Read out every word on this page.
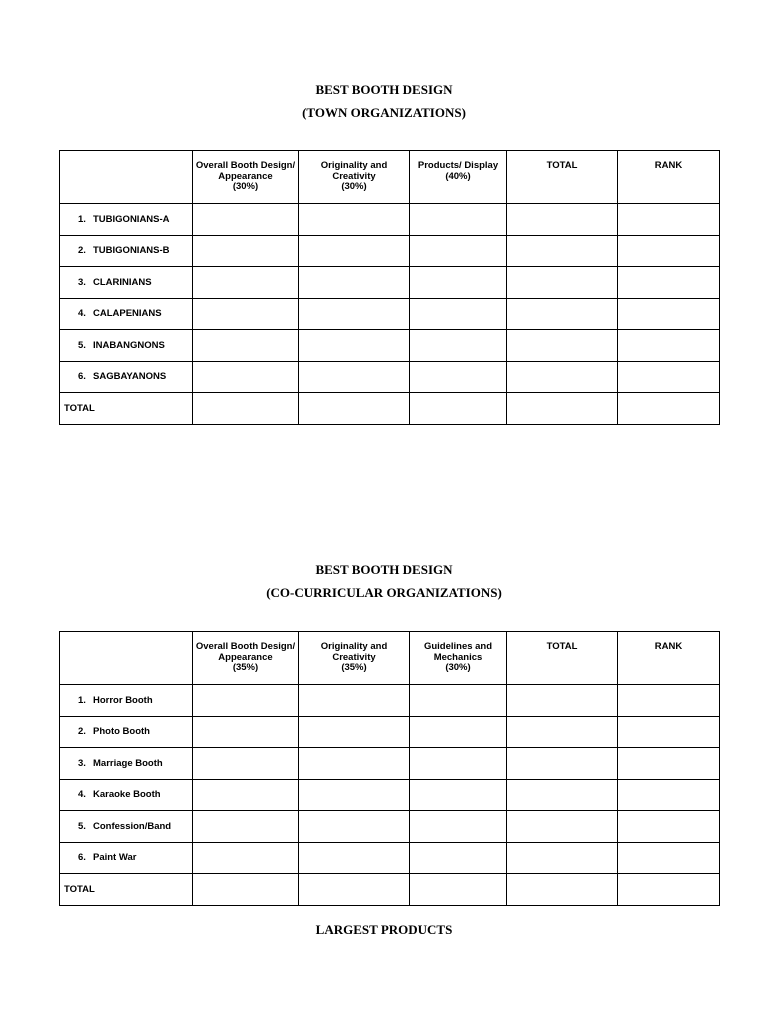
BEST BOOTH DESIGN
(TOWN ORGANIZATIONS)

	Overall Booth Design/
Appearance
(30%)	Originality and
Creativity
(30%)	Products/ Display
(40%)	TOTAL	RANK

1. TUBIGONIANS-A					
2. TUBIGONIANS-B					
3. CLARINIANS					
4. CALAPENIANS					
5. INABANGNONS					
6. SAGBAYANONS					
TOTAL					
BEST BOOTH DESIGN
(CO-CURRICULAR ORGANIZATIONS)

	Overall Booth Design/
Appearance
(35%)	Originality and
Creativity
(35%)	Guidelines and
Mechanics
(30%)	TOTAL	RANK

1. Horror Booth					
2. Photo Booth					
3. Marriage Booth					
4. Karaoke Booth					
5. Confession/Band					
6. Paint War					
TOTAL					
LARGEST PRODUCTS
